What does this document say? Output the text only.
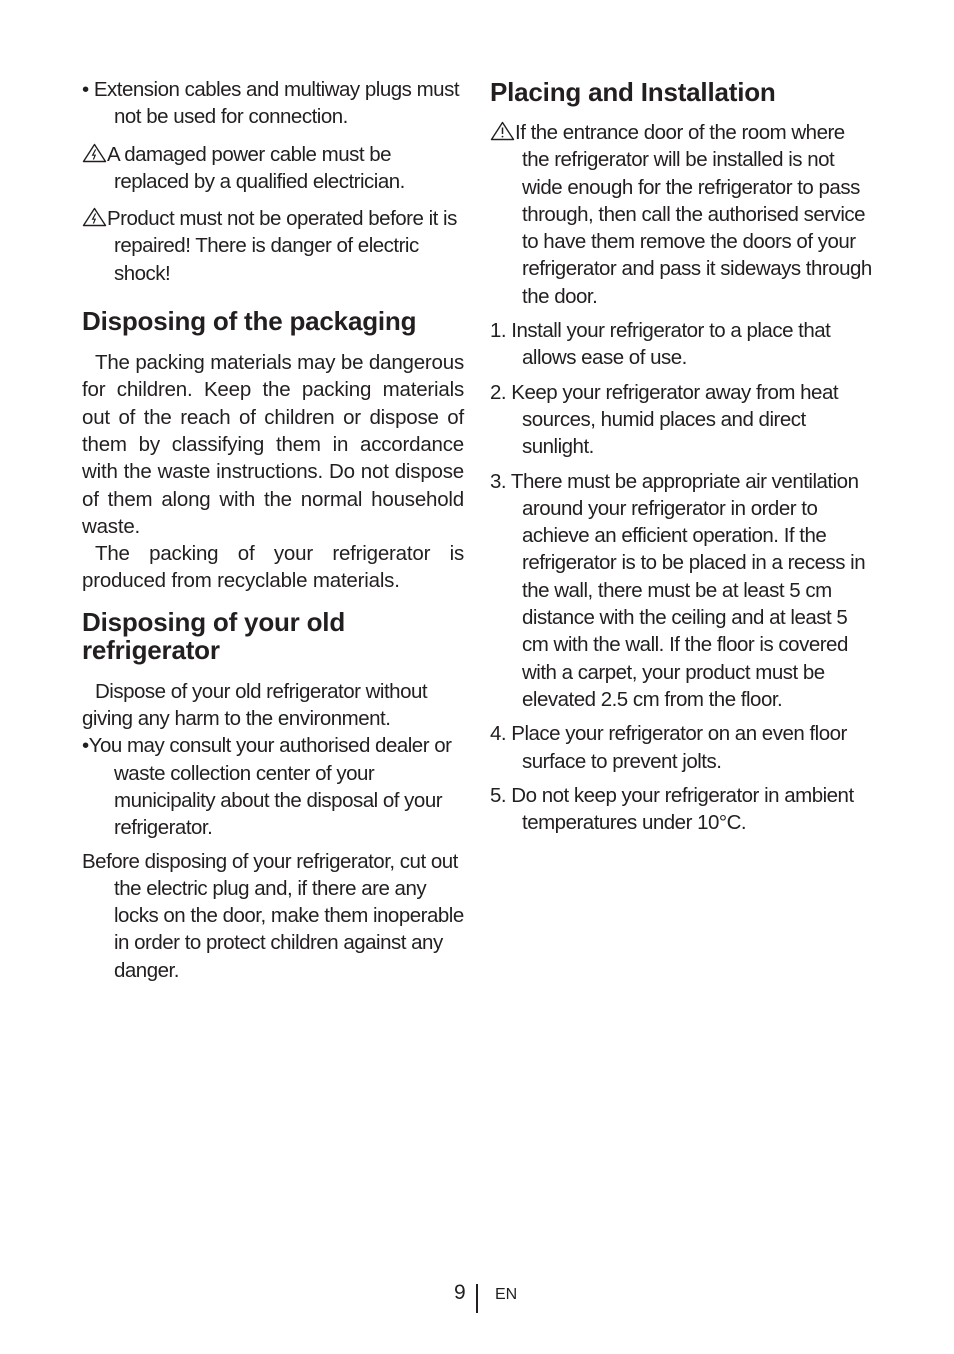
• Extension cables and multiway plugs must not be used for connection.

A damaged power cable must be replaced by a qualified electrician.

Product must not be operated before it is repaired! There is danger of electric shock!

Disposing of the packaging

The packing materials may be dangerous for children. Keep the packing materials out of the reach of children or dispose of them by classifying them in accordance with the waste instructions. Do not dispose of them along with the normal household waste.

The packing of your refrigerator is produced from recyclable materials.

Disposing of your old refrigerator

Dispose of your old refrigerator without giving any harm to the environment.

•You may consult your authorised dealer or waste collection center of your municipality about the disposal of your refrigerator.

Before disposing of your refrigerator, cut out the electric plug and, if there are any locks on the door, make them inoperable in order to protect children against any danger.

Placing and Installation

If the entrance door of the room where the refrigerator will be installed is not wide enough for the refrigerator to pass through, then call the authorised service to have them remove the doors of your refrigerator and pass it sideways through the door.

1. Install your refrigerator to a place that allows ease of use.

2. Keep your refrigerator away from heat sources, humid places and direct sunlight.

3. There must be appropriate air ventilation around your refrigerator in order to achieve an efficient operation. If the refrigerator is to be placed in a recess in the wall, there must be at least 5 cm distance with the ceiling and at least 5 cm with the wall. If the floor is covered with a carpet, your product must be elevated 2.5 cm from the floor.

4. Place your refrigerator on an even floor surface to prevent jolts.

5. Do not keep your refrigerator in ambient temperatures under 10°C.

9 EN
